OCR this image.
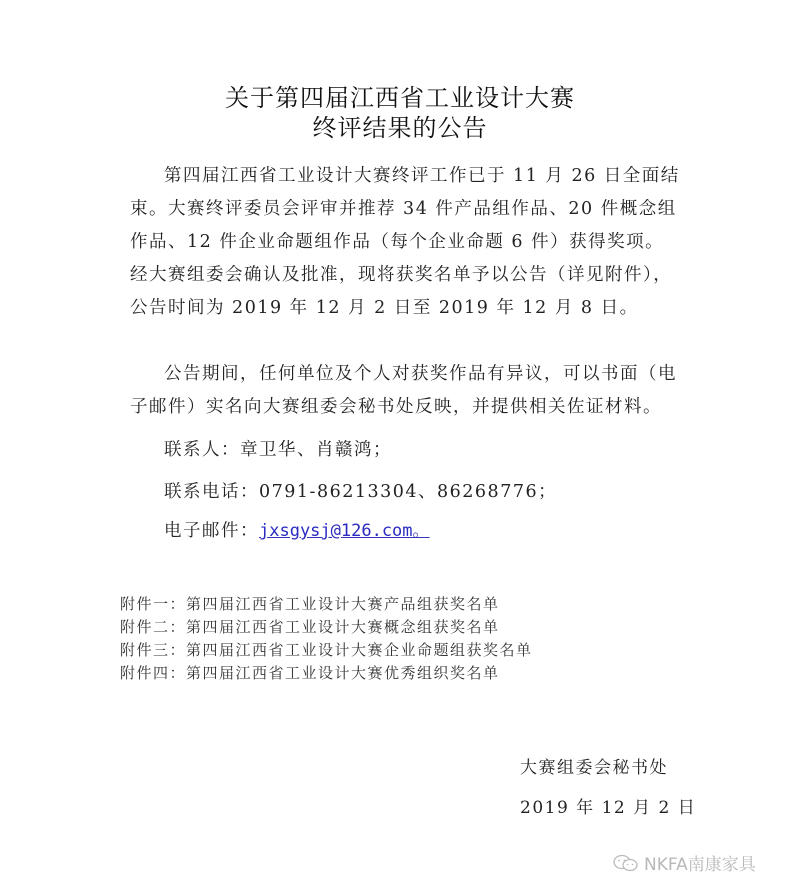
关于第四届江西省工业设计大赛
终评结果的公告
第四届江西省工业设计大赛终评工作已于 11 月 26 日全面结
束。大赛终评委员会评审并推荐 34 件产品组作品、20 件概念组
作品、12 件企业命题组作品（每个企业命题 6 件）获得奖项。
经大赛组委会确认及批准，现将获奖名单予以公告（详见附件），
公告时间为 2019 年 12 月 2 日至 2019 年 12 月 8 日。
公告期间，任何单位及个人对获奖作品有异议，可以书面（电
子邮件）实名向大赛组委会秘书处反映，并提供相关佐证材料。
联系人：章卫华、肖赣鸿；
联系电话：0791-86213304、86268776；
电子邮件：jxsgysj@126.com。
附件一：第四届江西省工业设计大赛产品组获奖名单
附件二：第四届江西省工业设计大赛概念组获奖名单
附件三：第四届江西省工业设计大赛企业命题组获奖名单
附件四：第四届江西省工业设计大赛优秀组织奖名单
大赛组委会秘书处
2019 年 12 月 2 日
NKFA南康家具
